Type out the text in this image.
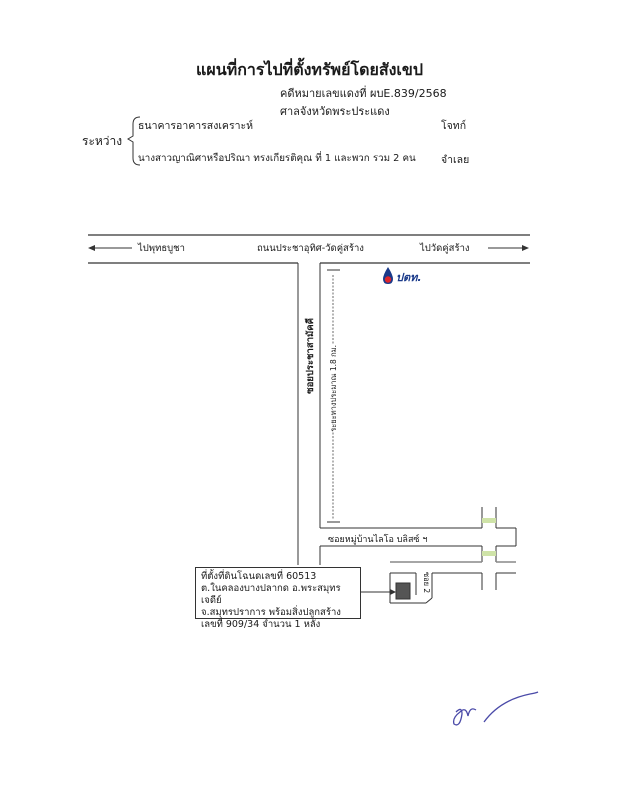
แผนที่การไปที่ตั้งทรัพย์โดยสังเขป
คดีหมายเลขแดงที่ ผบE.839/2568
ศาลจังหวัดพระประแดง
ระหว่าง
ธนาคารอาคารสงเคราะห์	โจทก์
นางสาวญาณิศาหรือปริณา ทรงเกียรติคุณ ที่ 1 และพวก รวม 2 คน จำเลย
ไปพุทธบูชา	ถนนประชาอุทิศ-วัดคู่สร้าง	ไปวัดคู่สร้าง
ปตท.
ซอยประชาสามัคคี ระยะทางประมาณ 1.8 กม.
ซอยหมู่บ้านไลโอ บลิสซ์ ฯ
ซอย 2
ที่ตั้งที่ดินโฉนดเลขที่ 60513
ต.ในคลองบางปลากด อ.พระสมุทรเจดีย์
จ.สมุทรปราการ พร้อมสิ่งปลูกสร้าง
เลขที่ 909/34 จำนวน 1 หลัง
